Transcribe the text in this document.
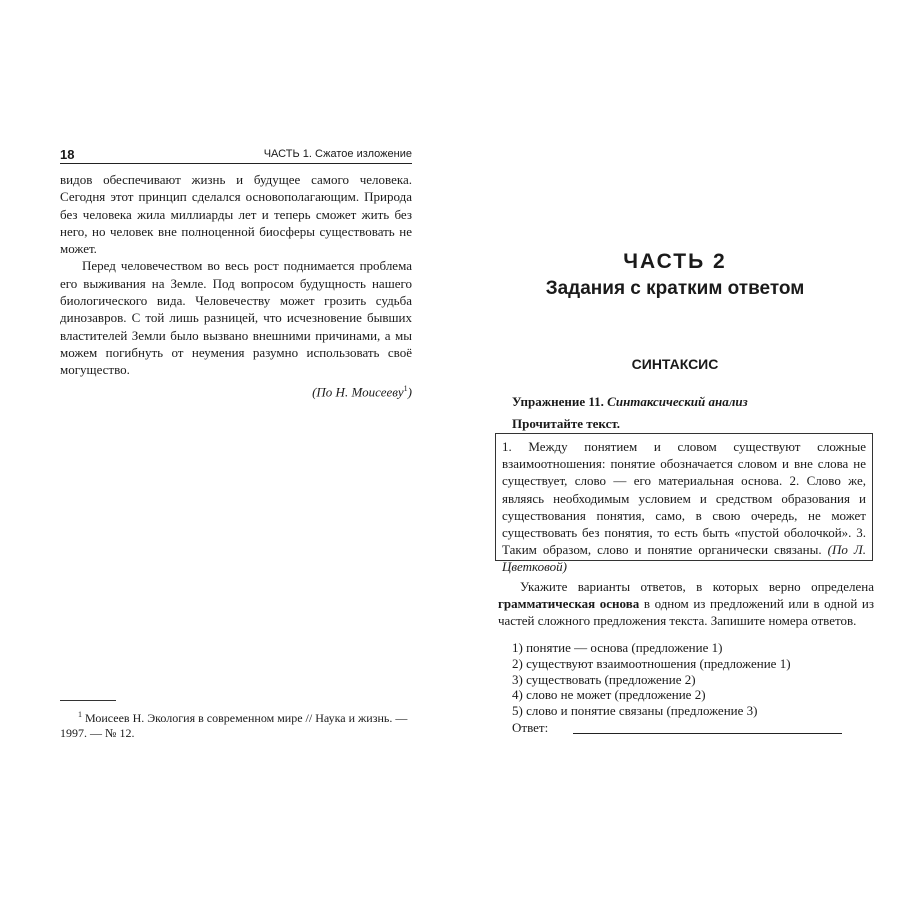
18	ЧАСТЬ 1. Сжатое изложение

видов обеспечивают жизнь и будущее самого человека. Сегодня этот принцип сделался основополагающим. Природа без человека жила миллиарды лет и теперь сможет жить без него, но человек вне полноценной биосферы существовать не может.

Перед человечеством во весь рост поднимается проблема его выживания на Земле. Под вопросом будущность нашего биологического вида. Человечеству может грозить судьба динозавров. С той лишь разницей, что исчезновение бывших властителей Земли было вызвано внешними причинами, а мы можем погибнуть от неумения разумно использовать своё могущество.

(По Н. Моисееву$^1$)

$^1$ Моисеев Н. Экология в современном мире // Наука и жизнь. — 1997. — № 12.

ЧАСТЬ 2
Задания с кратким ответом
СИНТАКСИС
Упражнение 11. Синтаксический анализ
Прочитайте текст.

1. Между понятием и словом существуют сложные взаимоотношения: понятие обозначается словом и вне слова не существует, слово — его материальная основа. 2. Слово же, являясь необходимым условием и средством образования и существования понятия, само, в свою очередь, не может существовать без понятия, то есть быть «пустой оболочкой». 3. Таким образом, слово и понятие органически связаны. (По Л. Цветковой)

Укажите варианты ответов, в которых верно определена грамматическая основа в одном из предложений или в одной из частей сложного предложения текста. Запишите номера ответов.

1) понятие — основа (предложение 1)
2) существуют взаимоотношения (предложение 1)
3) существовать (предложение 2)
4) слово не может (предложение 2)
5) слово и понятие связаны (предложение 3)
Ответ:
